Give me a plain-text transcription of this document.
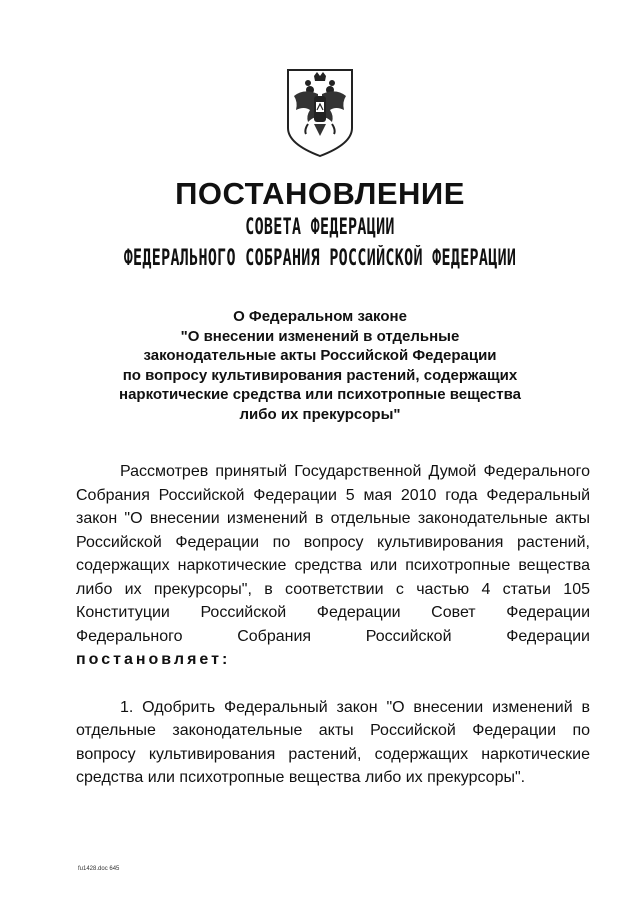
ПОСТАНОВЛЕНИЕ
СОВЕТА ФЕДЕРАЦИИ
ФЕДЕРАЛЬНОГО СОБРАНИЯ РОССИЙСКОЙ ФЕДЕРАЦИИ
О Федеральном законе
"О внесении изменений в отдельные
законодательные акты Российской Федерации
по вопросу культивирования растений, содержащих
наркотические средства или психотропные вещества
либо их прекурсоры"

Рассмотрев принятый Государственной Думой Федерального Собрания Российской Федерации 5 мая 2010 года Федеральный закон "О внесении изменений в отдельные законодательные акты Российской Федерации по вопросу культивирования растений, содержащих наркотические средства или психотропные вещества либо их прекурсоры", в соответствии с частью 4 статьи 105 Конституции Российской Федерации Совет Федерации Федерального Собрания Российской Федерации

постановляет:

1. Одобрить Федеральный закон "О внесении изменений в отдельные законодательные акты Российской Федерации по вопросу культивирования растений, содержащих наркотические средства или психотропные вещества либо их прекурсоры".

fu1428.doc 645
